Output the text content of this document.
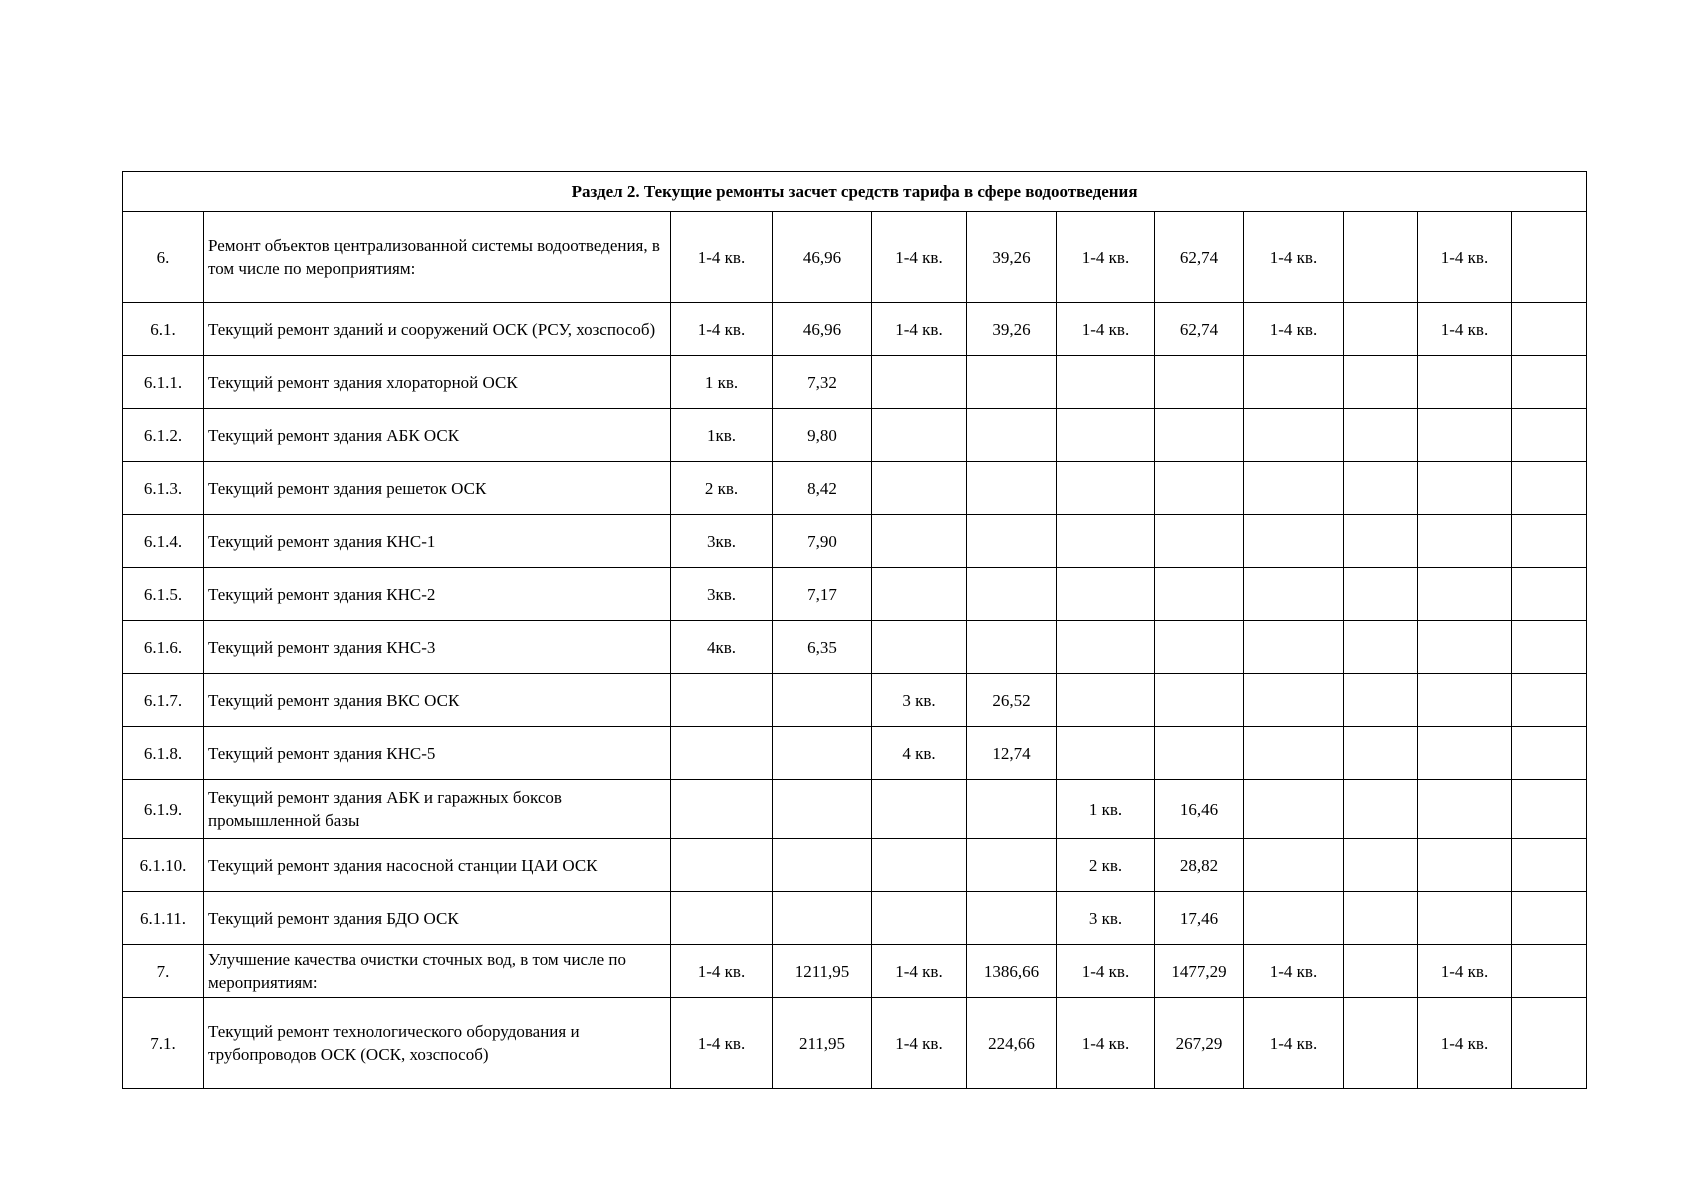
Раздел 2. Текущие ремонты засчет средств тарифа в сфере водоотведения											
6.	Ремонт объектов централизованной системы водоотведения, в том числе по мероприятиям:	1-4 кв.	46,96	1-4 кв.	39,26	1-4 кв.	62,74	1-4 кв.		1-4 кв.	
6.1.	Текущий ремонт зданий и сооружений ОСК (РСУ, хозспособ)	1-4 кв.	46,96	1-4 кв.	39,26	1-4 кв.	62,74	1-4 кв.		1-4 кв.	
6.1.1.	Текущий ремонт здания хлораторной ОСК	1 кв.	7,32								
6.1.2.	Текущий ремонт здания АБК ОСК	1кв.	9,80								
6.1.3.	Текущий ремонт здания решеток ОСК	2 кв.	8,42								
6.1.4.	Текущий ремонт здания КНС-1	3кв.	7,90								
6.1.5.	Текущий ремонт здания КНС-2	3кв.	7,17								
6.1.6.	Текущий ремонт здания КНС-3	4кв.	6,35								
6.1.7.	Текущий ремонт здания ВКС ОСК			3 кв.	26,52						
6.1.8.	Текущий ремонт здания КНС-5			4 кв.	12,74						
6.1.9.	Текущий ремонт здания АБК и гаражных боксов промышленной базы					1 кв.	16,46				
6.1.10.	Текущий ремонт здания насосной станции ЦАИ ОСК					2 кв.	28,82				
6.1.11.	Текущий ремонт здания БДО ОСК					3 кв.	17,46				
7.	Улучшение качества очистки сточных вод, в том числе по мероприятиям:	1-4 кв.	1211,95	1-4 кв.	1386,66	1-4 кв.	1477,29	1-4 кв.		1-4 кв.	
7.1.	Текущий ремонт технологического оборудования и трубопроводов ОСК (ОСК, хозспособ)	1-4 кв.	211,95	1-4 кв.	224,66	1-4 кв.	267,29	1-4 кв.		1-4 кв.	
